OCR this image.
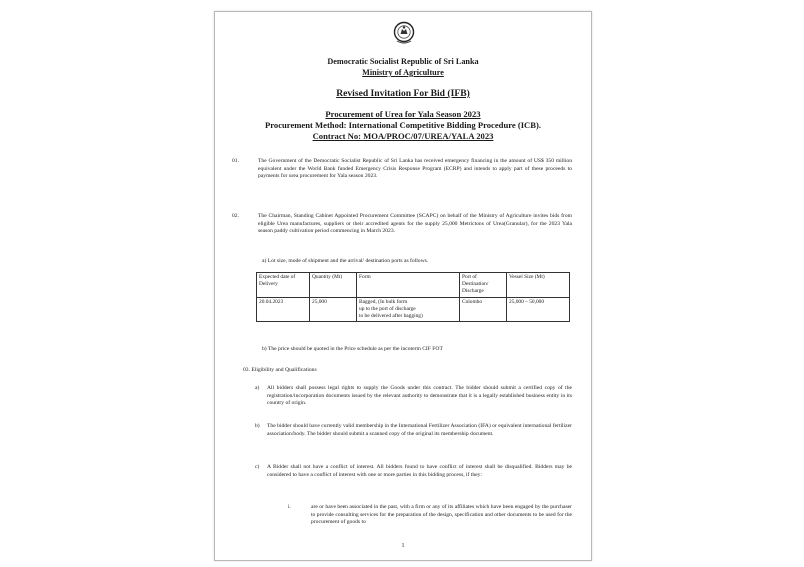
Democratic Socialist Republic of Sri Lanka
Ministry of Agriculture
Revised Invitation For Bid (IFB)
Procurement of Urea for Yala Season 2023
Procurement Method: International Competitive Bidding Procedure (ICB).
Contract No: MOA/PROC/07/UREA/YALA 2023
01.	The Government of the Democratic Socialist Republic of Sri Lanka has received emergency financing in the amount of US$ 350 million equivalent under the World Bank funded Emergency Crisis Response Program (ECRP) and intends to apply part of these proceeds to payments for urea procurement for Yala season 2023.
02.	The Chairman, Standing Cabinet Appointed Procurement Committee (SCAPC) on behalf of the Ministry of Agriculture invites bids from eligible Urea manufactures, suppliers or their accredited agents for the supply 25,000 Metrictons of Urea(Granular), for the 2023 Yala season paddy cultivation period commencing in March 2023.
a) Lot size, mode of shipment and the arrival/ destination ports as follows.
Expected date of Delivery	Quantity (Mt)	Form	Port of Destination/ Discharge	Vessel Size (Mt)
20.04.2023	25,000	Bagged, (In bulk form
up to the port of discharge
to be delivered after bagging)	Colombo	25,000 – 50,000
b) The price should be quoted in the Price schedule as per the incoterm CIF FOT
03. Eligibility and Qualifications
a) All bidders shall possess legal rights to supply the Goods under this contract. The bidder should submit a certified copy of the registration/incorporation documents issued by the relevant authority to demonstrate that it is a legally established business entity in its country of origin.
b) The bidder should have currently valid membership in the International Fertilizer Association (IFA) or equivalent international fertilizer association/body. The bidder should submit a scanned copy of the original its membership document.
c) A Bidder shall not have a conflict of interest. All bidders found to have conflict of interest shall be disqualified. Bidders may be considered to have a conflict of interest with one or more parties in this bidding process, if they:
i.	are or have been associated in the past, with a firm or any of its affiliates which have been engaged by the purchaser to provide consulting services for the preparation of the design, specification and other documents to be used for the procurement of goods to
1
